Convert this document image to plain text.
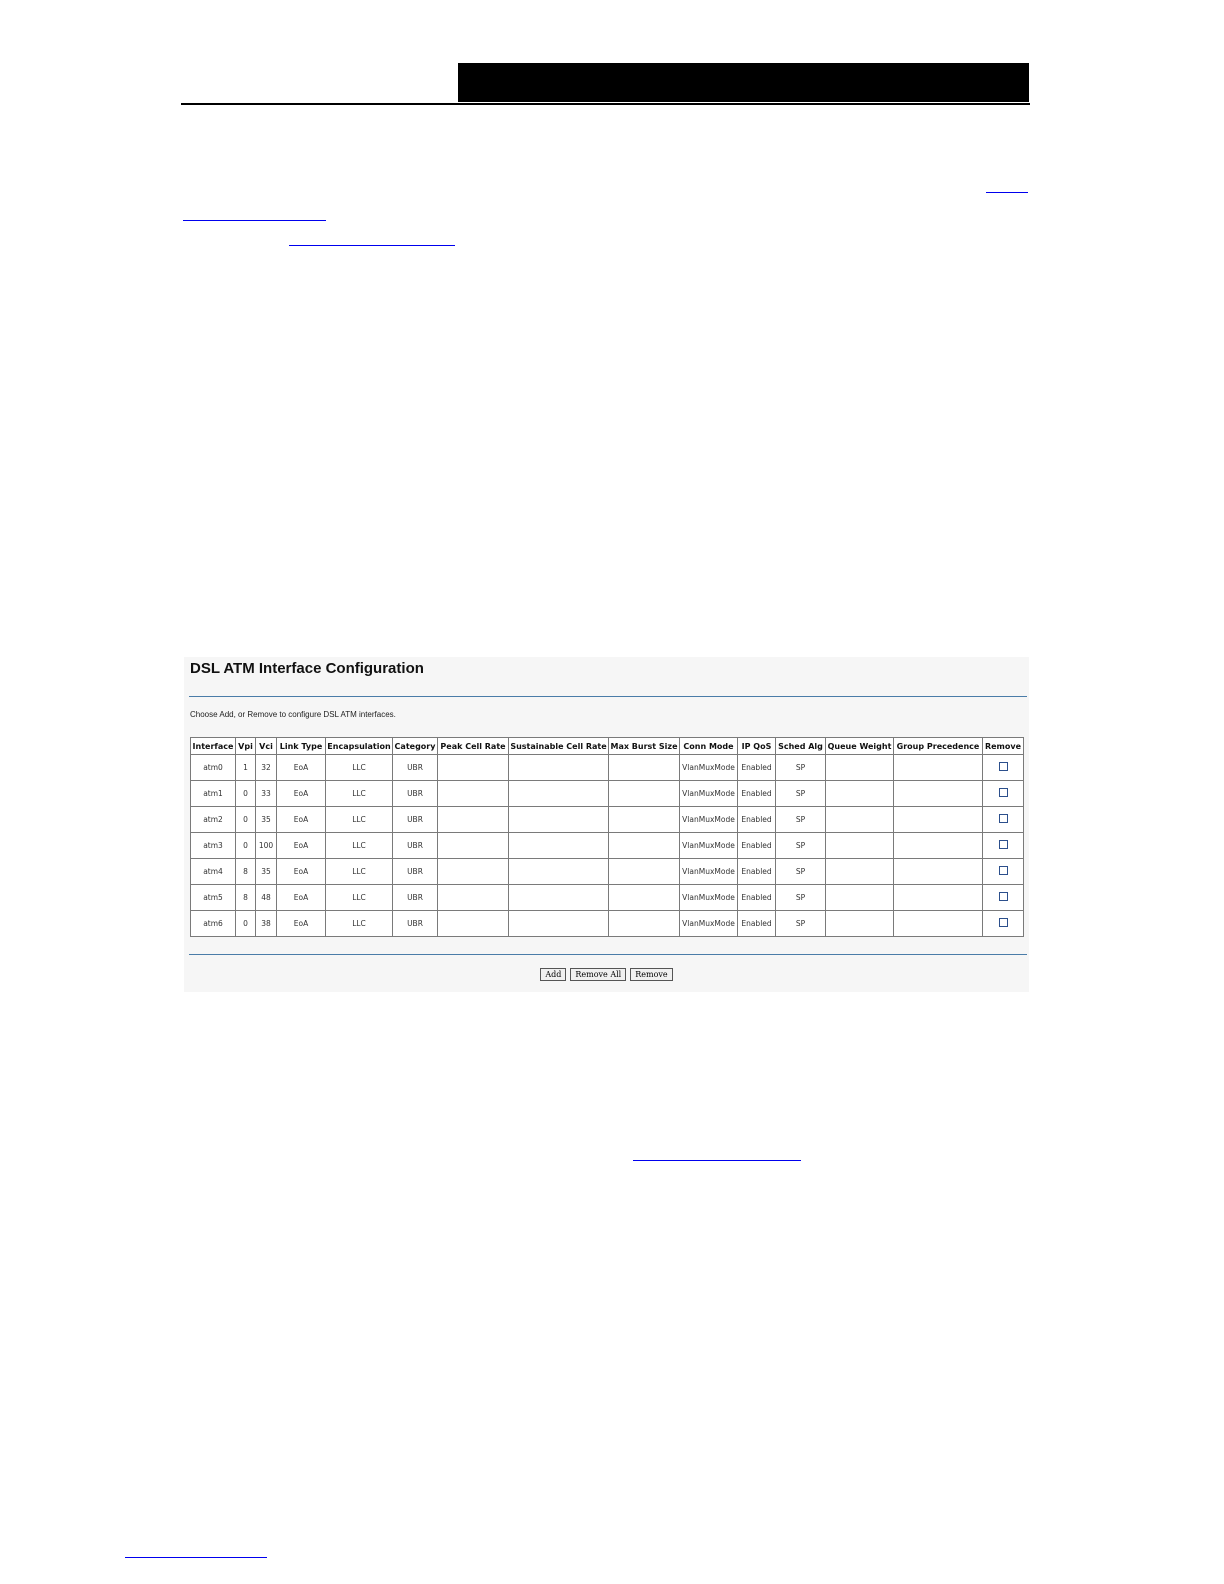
DSL ATM Interface Configuration
Choose Add, or Remove to configure DSL ATM interfaces.
Interface	Vpi	Vci	Link Type	Encapsulation	Category	Peak Cell Rate	Sustainable Cell Rate	Max Burst Size	Conn Mode	IP QoS	Sched Alg	Queue Weight	Group Precedence	Remove
atm0	1	32	EoA	LLC	UBR				VlanMuxMode	Enabled	SP			
atm1	0	33	EoA	LLC	UBR				VlanMuxMode	Enabled	SP			
atm2	0	35	EoA	LLC	UBR				VlanMuxMode	Enabled	SP			
atm3	0	100	EoA	LLC	UBR				VlanMuxMode	Enabled	SP			
atm4	8	35	EoA	LLC	UBR				VlanMuxMode	Enabled	SP			
atm5	8	48	EoA	LLC	UBR				VlanMuxMode	Enabled	SP			
atm6	0	38	EoA	LLC	UBR				VlanMuxMode	Enabled	SP			
Add Remove All Remove
